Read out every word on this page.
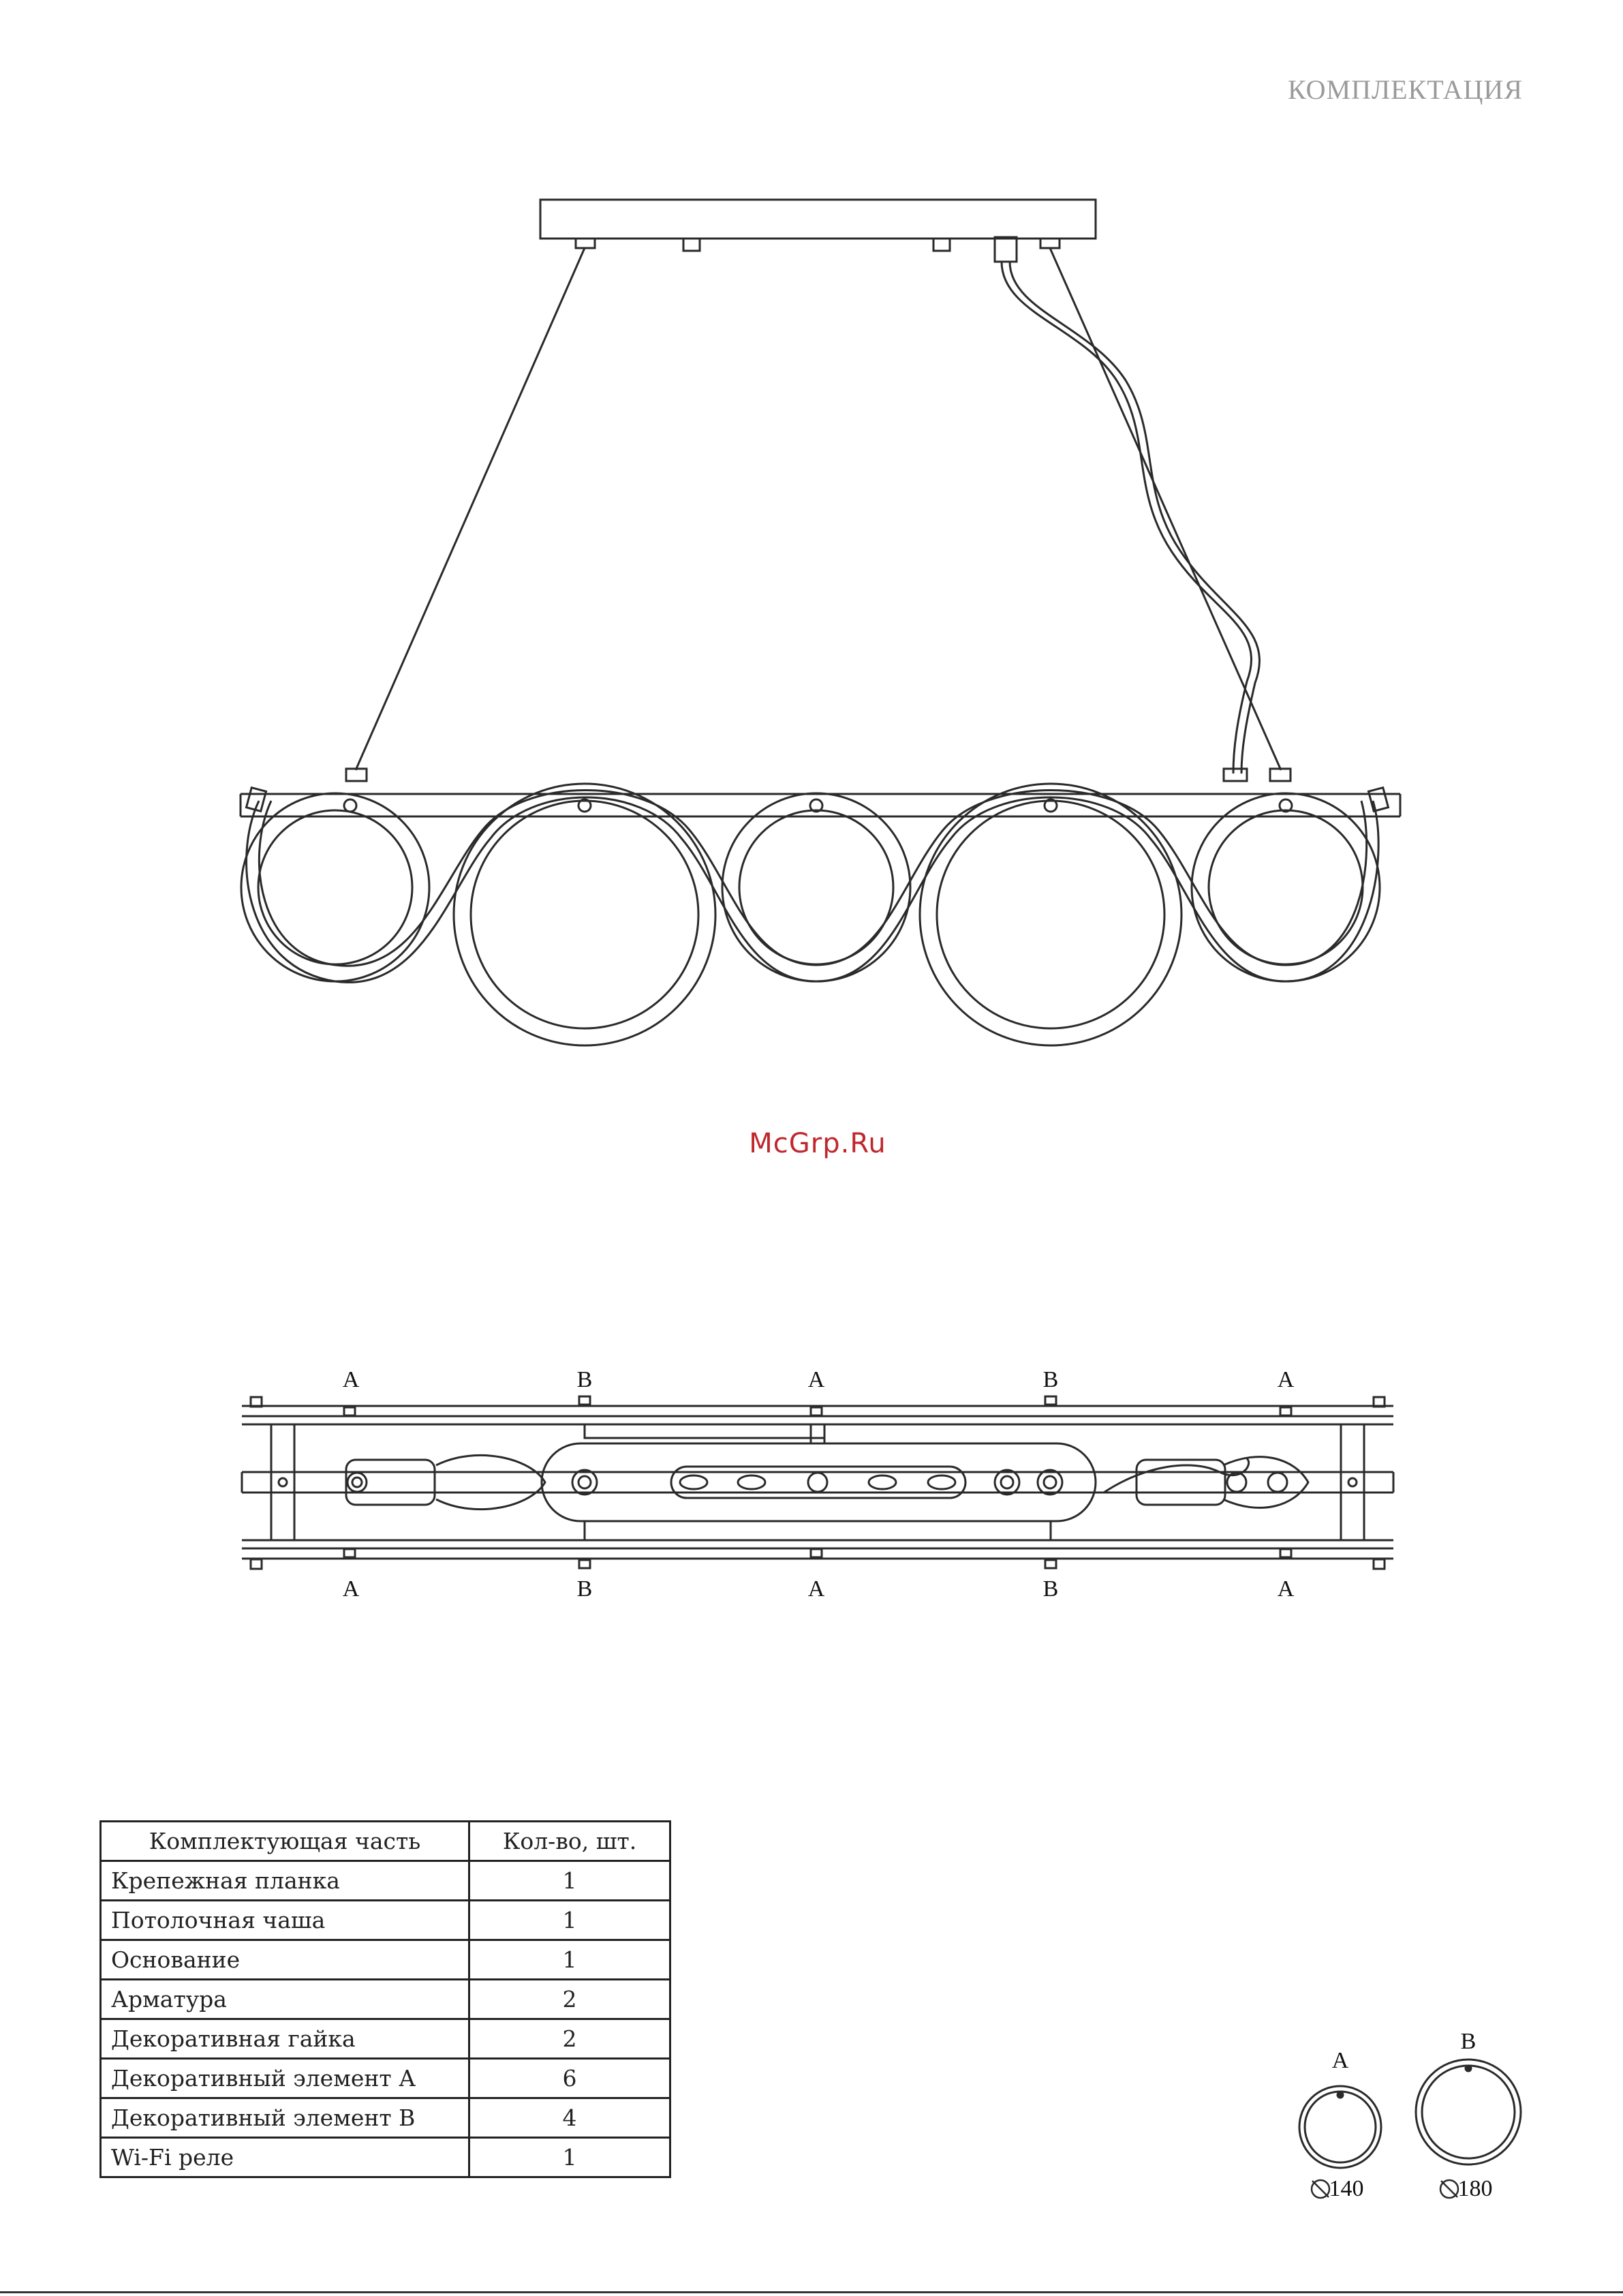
КОМПЛЕКТАЦИЯ
McGrp.Ru
A	B	A	B	A
A	B	A	B	A
Комплектующая часть	Кол-во, шт.
Крепежная планка	1
Потолочная чаша	1
Основание	1
Арматура	2
Декоративная гайка	2
Декоративный элемент А	6
Декоративный элемент В	4
Wi-Fi реле	1
A
B
140	180
